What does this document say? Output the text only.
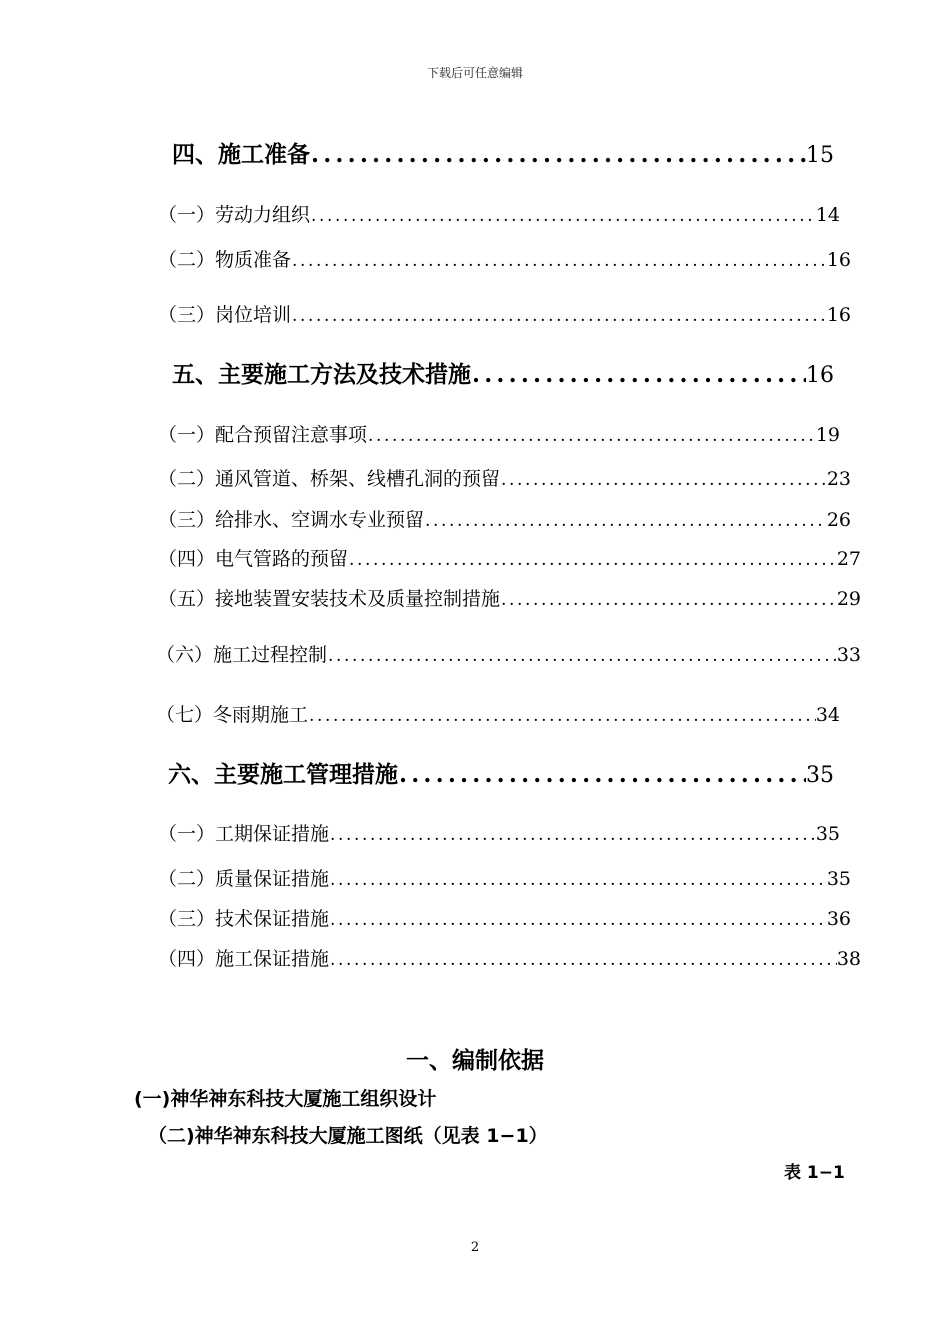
下载后可任意编辑
四、施工准备 .....	15
（一）劳动力组织 .....	14
（二）物质准备 .....	16
（三）岗位培训 .....	16
五、主要施工方法及技术措施 .....	16
（一）配合预留注意事项 .....	19
（二）通风管道、桥架、线槽孔洞的预留 .....	23
（三）给排水、空调水专业预留 .....	26
（四）电气管路的预留 .....	27
（五）接地装置安装技术及质量控制措施 .....	29
（六）施工过程控制 .....	33
（七）冬雨期施工 .....	34
六、主要施工管理措施 .....	35
（一）工期保证措施 .....	35
（二）质量保证措施 .....	35
（三）技术保证措施 .....	36
（四）施工保证措施 .....	38
一、编制依据
(一)神华神东科技大厦施工组织设计
（二)神华神东科技大厦施工图纸（见表 1−1）
表 1−1
2
